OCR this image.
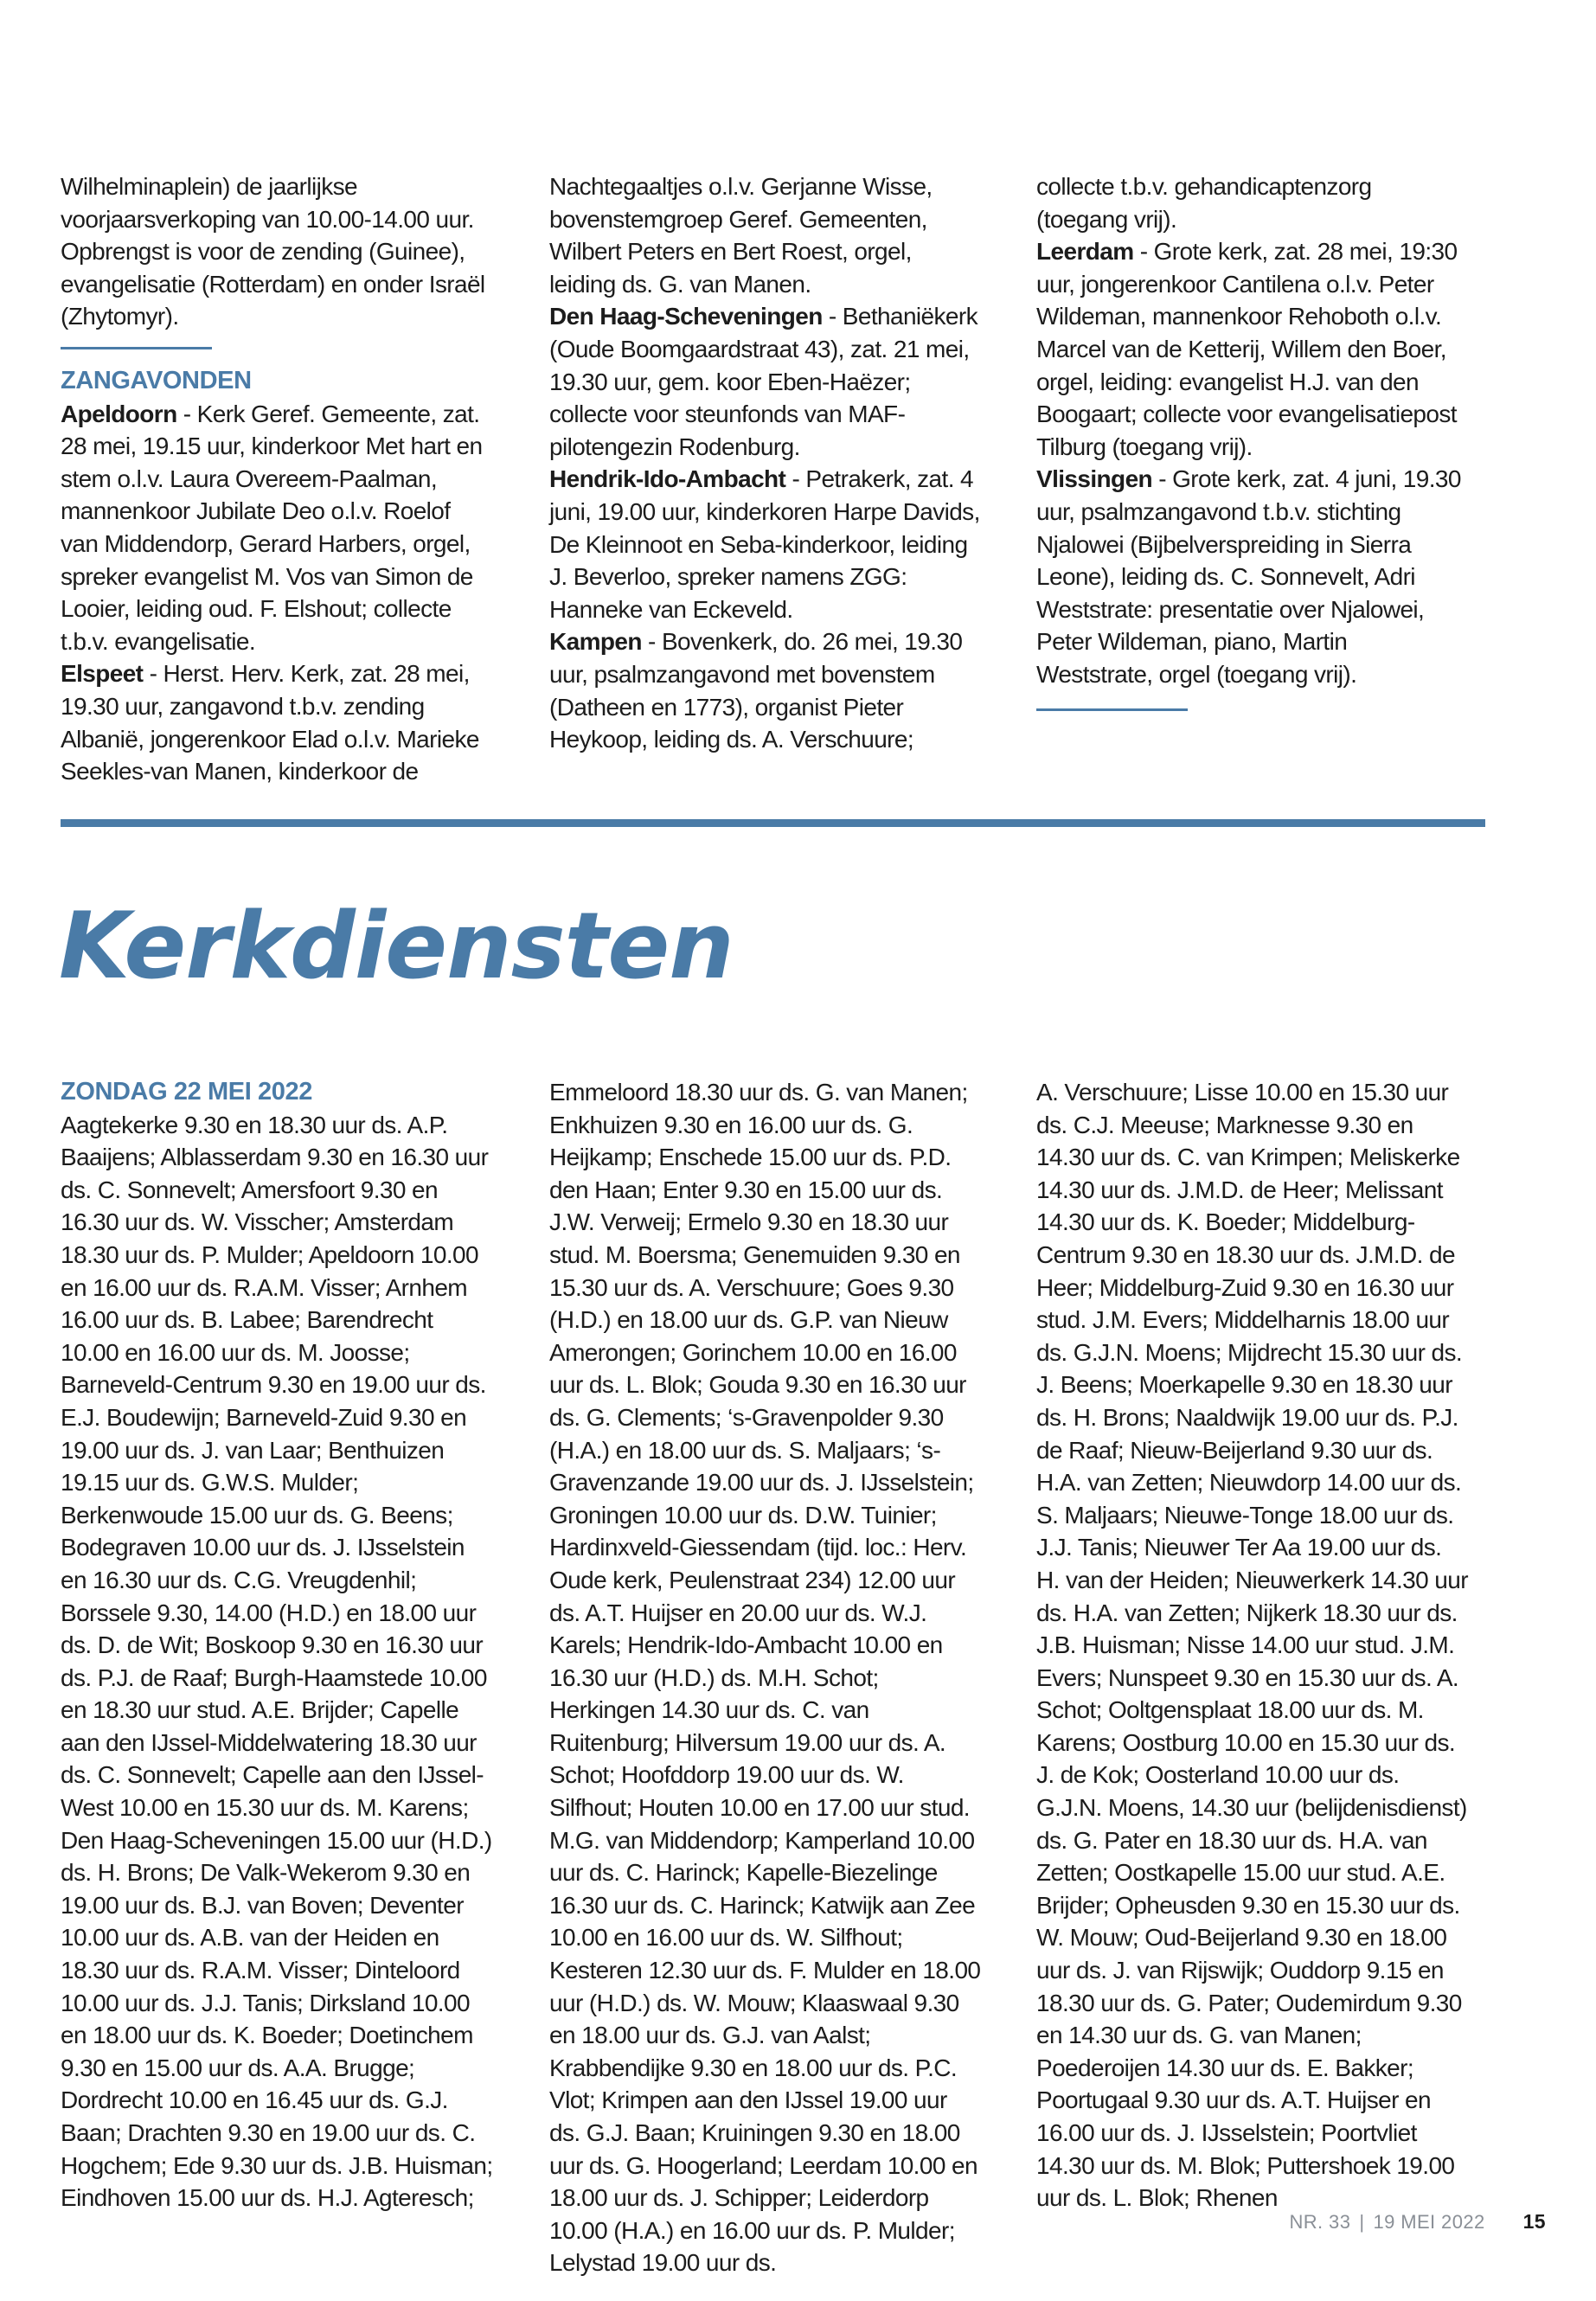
Wilhelminaplein) de jaarlijkse voorjaarsverkoping van 10.00-14.00 uur. Opbrengst is voor de zending (Guinee), evangelisatie (Rotterdam) en onder Israël (Zhytomyr).

ZANGAVONDEN

Apeldoorn - Kerk Geref. Gemeente, zat. 28 mei, 19.15 uur, kinderkoor Met hart en stem o.l.v. Laura Overeem-Paalman, mannenkoor Jubilate Deo o.l.v. Roelof van Middendorp, Gerard Harbers, orgel, spreker evangelist M. Vos van Simon de Looier, leiding oud. F. Elshout; collecte t.b.v. evangelisatie.

Elspeet - Herst. Herv. Kerk, zat. 28 mei, 19.30 uur, zangavond t.b.v. zending Albanië, jongerenkoor Elad o.l.v. Marieke Seekles-van Manen, kinderkoor de

Nachtegaaltjes o.l.v. Gerjanne Wisse, bovenstemgroep Geref. Gemeenten, Wilbert Peters en Bert Roest, orgel, leiding ds. G. van Manen.

Den Haag-Scheveningen - Bethaniëkerk (Oude Boomgaardstraat 43), zat. 21 mei, 19.30 uur, gem. koor Eben-Haëzer; collecte voor steunfonds van MAF-pilotengezin Rodenburg.

Hendrik-Ido-Ambacht - Petrakerk, zat. 4 juni, 19.00 uur, kinderkoren Harpe Davids, De Kleinnoot en Seba-kinderkoor, leiding J. Beverloo, spreker namens ZGG: Hanneke van Eckeveld.

Kampen - Bovenkerk, do. 26 mei, 19.30 uur, psalmzangavond met bovenstem (Datheen en 1773), organist Pieter Heykoop, leiding ds. A. Verschuure;

collecte t.b.v. gehandicaptenzorg (toegang vrij).

Leerdam - Grote kerk, zat. 28 mei, 19:30 uur, jongerenkoor Cantilena o.l.v. Peter Wildeman, mannenkoor Rehoboth o.l.v. Marcel van de Ketterij, Willem den Boer, orgel, leiding: evangelist H.J. van den Boogaart; collecte voor evangelisatiepost Tilburg (toegang vrij).

Vlissingen - Grote kerk, zat. 4 juni, 19.30 uur, psalmzangavond t.b.v. stichting Njalowei (Bijbelverspreiding in Sierra Leone), leiding ds. C. Sonnevelt, Adri Weststrate: presentatie over Njalowei, Peter Wildeman, piano, Martin Weststrate, orgel (toegang vrij).

Kerkdiensten

ZONDAG 22 MEI 2022

Aagtekerke 9.30 en 18.30 uur ds. A.P. Baaijens; Alblasserdam 9.30 en 16.30 uur ds. C. Sonnevelt; Amersfoort 9.30 en 16.30 uur ds. W. Visscher; Amsterdam 18.30 uur ds. P. Mulder; Apeldoorn 10.00 en 16.00 uur ds. R.A.M. Visser; Arnhem 16.00 uur ds. B. Labee; Barendrecht 10.00 en 16.00 uur ds. M. Joosse; Barneveld-Centrum 9.30 en 19.00 uur ds. E.J. Boudewijn; Barneveld-Zuid 9.30 en 19.00 uur ds. J. van Laar; Benthuizen 19.15 uur ds. G.W.S. Mulder; Berkenwoude 15.00 uur ds. G. Beens; Bodegraven 10.00 uur ds. J. IJsselstein en 16.30 uur ds. C.G. Vreugdenhil; Borssele 9.30, 14.00 (H.D.) en 18.00 uur ds. D. de Wit; Boskoop 9.30 en 16.30 uur ds. P.J. de Raaf; Burgh-Haamstede 10.00 en 18.30 uur stud. A.E. Brijder; Capelle aan den IJssel-Middelwatering 18.30 uur ds. C. Sonnevelt; Capelle aan den IJssel-West 10.00 en 15.30 uur ds. M. Karens; Den Haag-Scheveningen 15.00 uur (H.D.) ds. H. Brons; De Valk-Wekerom 9.30 en 19.00 uur ds. B.J. van Boven; Deventer 10.00 uur ds. A.B. van der Heiden en 18.30 uur ds. R.A.M. Visser; Dinteloord 10.00 uur ds. J.J. Tanis; Dirksland 10.00 en 18.00 uur ds. K. Boeder; Doetinchem 9.30 en 15.00 uur ds. A.A. Brugge; Dordrecht 10.00 en 16.45 uur ds. G.J. Baan; Drachten 9.30 en 19.00 uur ds. C. Hogchem; Ede 9.30 uur ds. J.B. Huisman; Eindhoven 15.00 uur ds. H.J. Agteresch;

Emmeloord 18.30 uur ds. G. van Manen; Enkhuizen 9.30 en 16.00 uur ds. G. Heijkamp; Enschede 15.00 uur ds. P.D. den Haan; Enter 9.30 en 15.00 uur ds. J.W. Verweij; Ermelo 9.30 en 18.30 uur stud. M. Boersma; Genemuiden 9.30 en 15.30 uur ds. A. Verschuure; Goes 9.30 (H.D.) en 18.00 uur ds. G.P. van Nieuw Amerongen; Gorinchem 10.00 en 16.00 uur ds. L. Blok; Gouda 9.30 en 16.30 uur ds. G. Clements; ‘s-Gravenpolder 9.30 (H.A.) en 18.00 uur ds. S. Maljaars; ‘s-Gravenzande 19.00 uur ds. J. IJsselstein; Groningen 10.00 uur ds. D.W. Tuinier; Hardinxveld-Giessendam (tijd. loc.: Herv. Oude kerk, Peulenstraat 234) 12.00 uur ds. A.T. Huijser en 20.00 uur ds. W.J. Karels; Hendrik-Ido-Ambacht 10.00 en 16.30 uur (H.D.) ds. M.H. Schot; Herkingen 14.30 uur ds. C. van Ruitenburg; Hilversum 19.00 uur ds. A. Schot; Hoofddorp 19.00 uur ds. W. Silfhout; Houten 10.00 en 17.00 uur stud. M.G. van Middendorp; Kamperland 10.00 uur ds. C. Harinck; Kapelle-Biezelinge 16.30 uur ds. C. Harinck; Katwijk aan Zee 10.00 en 16.00 uur ds. W. Silfhout; Kesteren 12.30 uur ds. F. Mulder en 18.00 uur (H.D.) ds. W. Mouw; Klaaswaal 9.30 en 18.00 uur ds. G.J. van Aalst; Krabbendijke 9.30 en 18.00 uur ds. P.C. Vlot; Krimpen aan den IJssel 19.00 uur ds. G.J. Baan; Kruiningen 9.30 en 18.00 uur ds. G. Hoogerland; Leerdam 10.00 en 18.00 uur ds. J. Schipper; Leiderdorp 10.00 (H.A.) en 16.00 uur ds. P. Mulder; Lelystad 19.00 uur ds.

A. Verschuure; Lisse 10.00 en 15.30 uur ds. C.J. Meeuse; Marknesse 9.30 en 14.30 uur ds. C. van Krimpen; Meliskerke 14.30 uur ds. J.M.D. de Heer; Melissant 14.30 uur ds. K. Boeder; Middelburg-Centrum 9.30 en 18.30 uur ds. J.M.D. de Heer; Middelburg-Zuid 9.30 en 16.30 uur stud. J.M. Evers; Middelharnis 18.00 uur ds. G.J.N. Moens; Mijdrecht 15.30 uur ds. J. Beens; Moerkapelle 9.30 en 18.30 uur ds. H. Brons; Naaldwijk 19.00 uur ds. P.J. de Raaf; Nieuw-Beijerland 9.30 uur ds. H.A. van Zetten; Nieuwdorp 14.00 uur ds. S. Maljaars; Nieuwe-Tonge 18.00 uur ds. J.J. Tanis; Nieuwer Ter Aa 19.00 uur ds. H. van der Heiden; Nieuwerkerk 14.30 uur ds. H.A. van Zetten; Nijkerk 18.30 uur ds. J.B. Huisman; Nisse 14.00 uur stud. J.M. Evers; Nunspeet 9.30 en 15.30 uur ds. A. Schot; Ooltgensplaat 18.00 uur ds. M. Karens; Oostburg 10.00 en 15.30 uur ds. J. de Kok; Oosterland 10.00 uur ds. G.J.N. Moens, 14.30 uur (belijdenisdienst) ds. G. Pater en 18.30 uur ds. H.A. van Zetten; Oostkapelle 15.00 uur stud. A.E. Brijder; Opheusden 9.30 en 15.30 uur ds. W. Mouw; Oud-Beijerland 9.30 en 18.00 uur ds. J. van Rijswijk; Ouddorp 9.15 en 18.30 uur ds. G. Pater; Oudemirdum 9.30 en 14.30 uur ds. G. van Manen; Poederoijen 14.30 uur ds. E. Bakker; Poortugaal 9.30 uur ds. A.T. Huijser en 16.00 uur ds. J. IJsselstein; Poortvliet 14.30 uur ds. M. Blok; Puttershoek 19.00 uur ds. L. Blok; Rhenen

NR. 33 | 19 MEI 2022 15
